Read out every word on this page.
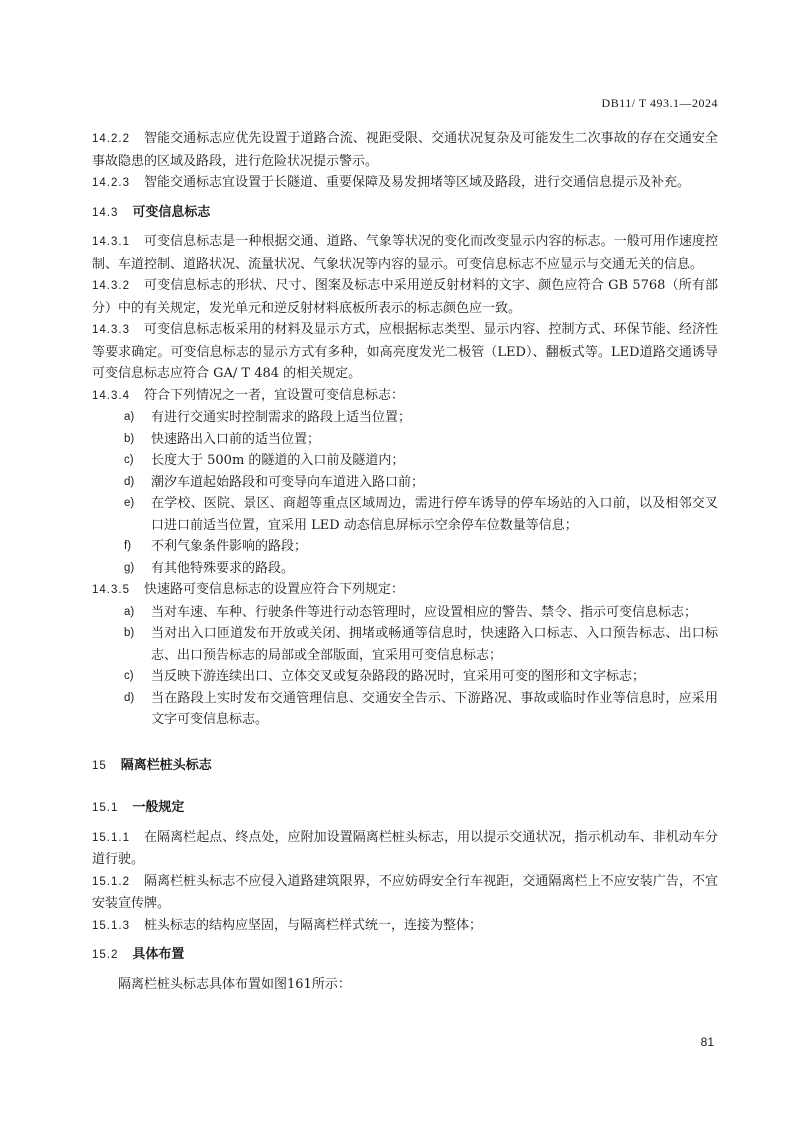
DB11/ T 493.1—2024

14.2.2 智能交通标志应优先设置于道路合流、视距受限、交通状况复杂及可能发生二次事故的存在交通安全事故隐患的区域及路段，进行危险状况提示警示。

14.2.3 智能交通标志宜设置于长隧道、重要保障及易发拥堵等区域及路段，进行交通信息提示及补充。

14.3 可变信息标志

14.3.1 可变信息标志是一种根据交通、道路、气象等状况的变化而改变显示内容的标志。一般可用作速度控制、车道控制、道路状况、流量状况、气象状况等内容的显示。可变信息标志不应显示与交通无关的信息。

14.3.2 可变信息标志的形状、尺寸、图案及标志中采用逆反射材料的文字、颜色应符合 GB 5768（所有部分）中的有关规定，发光单元和逆反射材料底板所表示的标志颜色应一致。

14.3.3 可变信息标志板采用的材料及显示方式，应根据标志类型、显示内容、控制方式、环保节能、经济性等要求确定。可变信息标志的显示方式有多种，如高亮度发光二极管（LED）、翻板式等。LED道路交通诱导可变信息标志应符合 GA/ T 484 的相关规定。

14.3.4 符合下列情况之一者，宜设置可变信息标志：

a) 有进行交通实时控制需求的路段上适当位置；
b) 快速路出入口前的适当位置；
c) 长度大于 500m 的隧道的入口前及隧道内；
d) 潮汐车道起始路段和可变导向车道进入路口前；
e) 在学校、医院、景区、商超等重点区域周边，需进行停车诱导的停车场站的入口前，以及相邻交叉口进口前适当位置，宜采用 LED 动态信息屏标示空余停车位数量等信息；
f) 不利气象条件影响的路段；
g) 有其他特殊要求的路段。

14.3.5 快速路可变信息标志的设置应符合下列规定：

a) 当对车速、车种、行驶条件等进行动态管理时，应设置相应的警告、禁令、指示可变信息标志；
b) 当对出入口匝道发布开放或关闭、拥堵或畅通等信息时，快速路入口标志、入口预告标志、出口标志、出口预告标志的局部或全部版面，宜采用可变信息标志；
c) 当反映下游连续出口、立体交叉或复杂路段的路况时，宜采用可变的图形和文字标志；
d) 当在路段上实时发布交通管理信息、交通安全告示、下游路况、事故或临时作业等信息时，应采用文字可变信息标志。

15 隔离栏桩头标志

15.1 一般规定

15.1.1 在隔离栏起点、终点处，应附加设置隔离栏桩头标志，用以提示交通状况，指示机动车、非机动车分道行驶。

15.1.2 隔离栏桩头标志不应侵入道路建筑限界，不应妨碍安全行车视距，交通隔离栏上不应安装广告，不宜安装宣传牌。

15.1.3 桩头标志的结构应坚固，与隔离栏样式统一，连接为整体；

15.2 具体布置

隔离栏桩头标志具体布置如图161所示：

81
